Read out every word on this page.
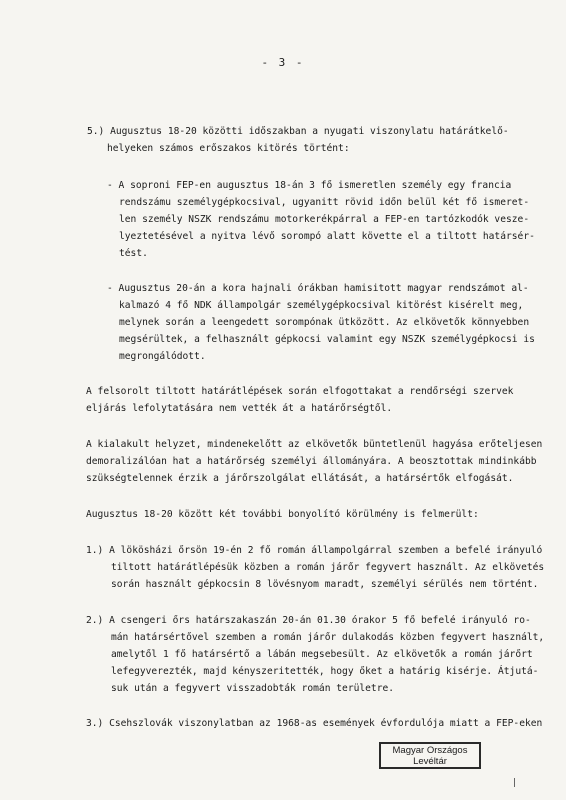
- 3 -
5.) Augusztus 18-20 közötti időszakban a nyugati viszonylatu határátkelő-
helyeken számos erőszakos kitörés történt:
- A soproni FEP-en augusztus 18-án 3 fő ismeretlen személy egy francia
rendszámu személygépkocsival, ugyanitt rövid időn belül két fő ismeret-
len személy NSZK rendszámu motorkerékpárral a FEP-en tartózkodók vesze-
lyeztetésével a nyitva lévő sorompó alatt követte el a tiltott határsér-
tést.
- Augusztus 20-án a kora hajnali órákban hamisitott magyar rendszámot al-
kalmazó 4 fő NDK állampolgár személygépkocsival kitörést kisérelt meg,
melynek során a leengedett sorompónak ütközött. Az elkövetők könnyebben
megsérültek, a felhasznált gépkocsi valamint egy NSZK személygépkocsi is
megrongálódott.
A felsorolt tiltott határátlépések során elfogottakat a rendőrségi szervek
eljárás lefolytatására nem vették át a határőrségtől.
A kialakult helyzet, mindenekelőtt az elkövetők büntetlenül hagyása erőteljesen
demoralizálóan hat a határőrség személyi állományára. A beosztottak mindinkább
szükségtelennek érzik a járőrszolgálat ellátását, a határsértők elfogását.
Augusztus 18-20 között két további bonyolító körülmény is felmerült:
1.) A lökösházi őrsön 19-én 2 fő román állampolgárral szemben a befelé irányuló
tiltott határátlépésük közben a román járőr fegyvert használt. Az elkövetés
során használt gépkocsin 8 lövésnyom maradt, személyi sérülés nem történt.
2.) A csengeri őrs határszakaszán 20-án 01.30 órakor 5 fő befelé irányuló ro-
mán határsértővel szemben a román járőr dulakodás közben fegyvert használt,
amelytől 1 fő határsértő a lábán megsebesült. Az elkövetők a román járőrt
lefegyverezték, majd kényszeritették, hogy őket a határig kisérje. Átjutá-
suk után a fegyvert visszadobták román területre.
3.) Csehszlovák viszonylatban az 1968-as események évfordulója miatt a FEP-eken
Magyar Országos
Levéltár
